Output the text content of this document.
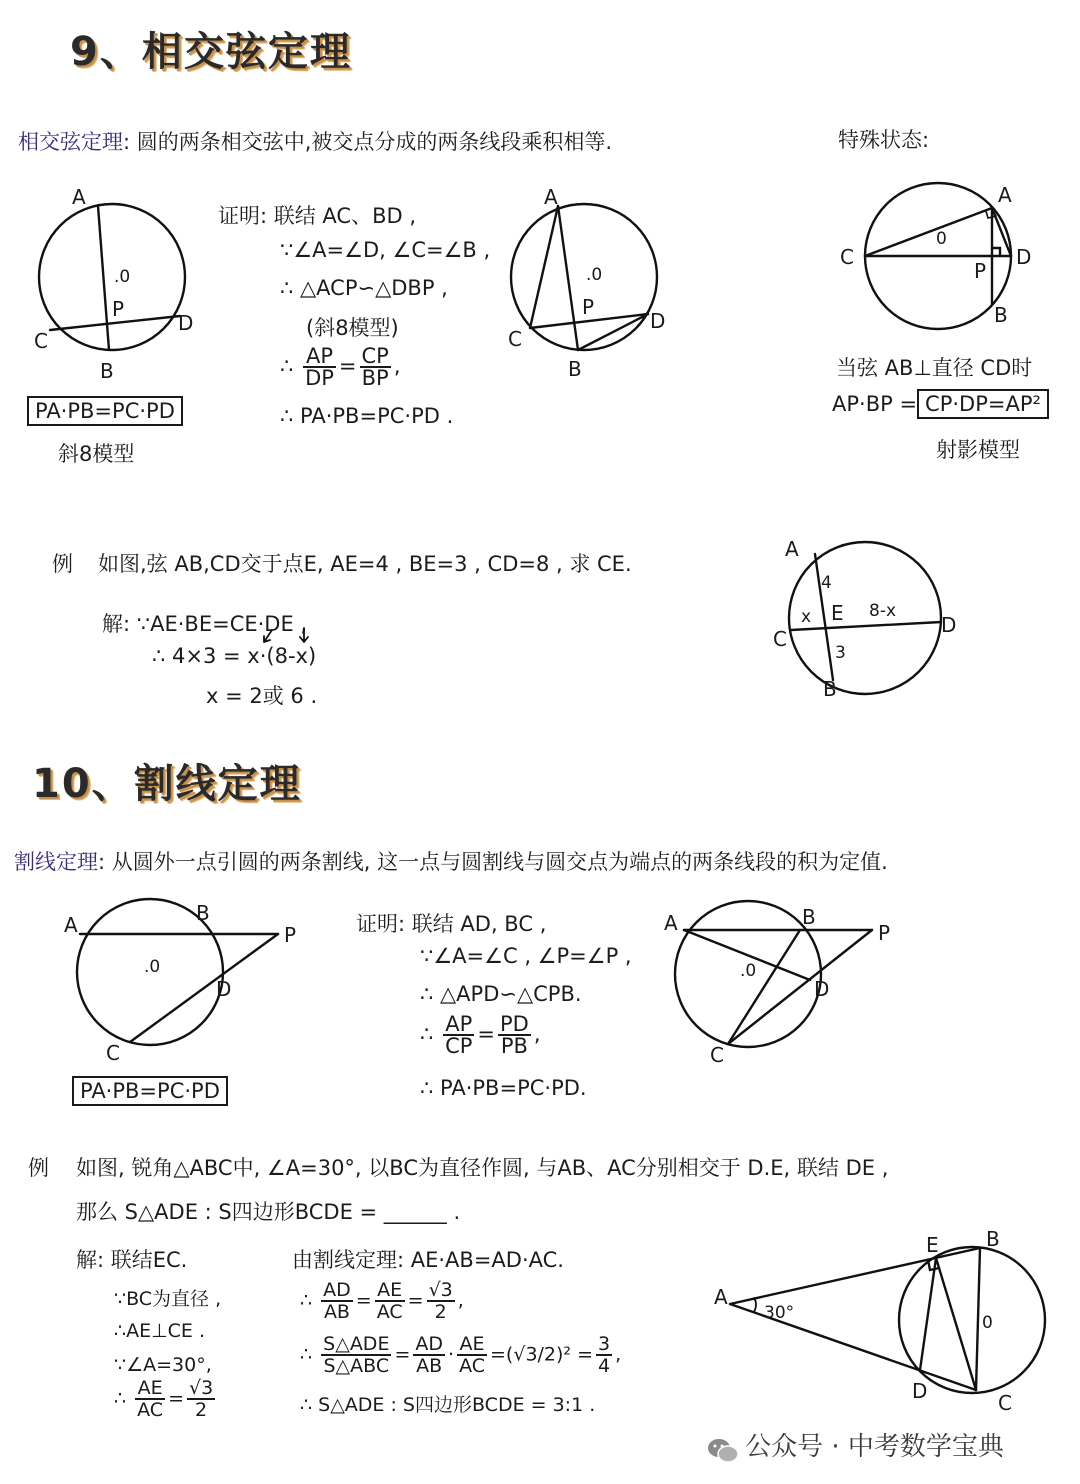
9、相交弦定理
相交弦定理: 圆的两条相交弦中,被交点分成的两条线段乘积相等.	特殊状态:
A
B
C
D
P
.0
PA·PB=PC·PD
斜8模型
证明: 联结 AC、BD ,
∵∠A=∠D, ∠C=∠B ,
∴ △ACP∽△DBP ,
(斜8模型)
∴ $\frac{AP}{DP} = \frac{CP}{BP}$ ,
∴ PA·PB=PC·PD .
A
B
C
D
P
.0
A
B
C	D
P
0
当弦 AB⊥直径 CD时
AP·BP = CP·DP=AP²
射影模型
例 如图,弦 AB,CD交于点E, AE=4 , BE=3 , CD=8 , 求 CE.
解: ∵AE·BE=CE·DE ,
∴ 4×3 = x·(8-x)
x = 2或 6 .
A
B
C
D
E
4
3
x	8-x
10、割线定理
割线定理: 从圆外一点引圆的两条割线, 这一点与圆割线与圆交点为端点的两条线段的积为定值.
A	B
C
D
P
.0
PA·PB=PC·PD
证明: 联结 AD, BC ,
∵∠A=∠C , ∠P=∠P ,
∴ △APD∽△CPB.
∴ $\frac{AP}{CP} = \frac{PD}{PB}$ ,
∴ PA·PB=PC·PD.
A	B
C
D
P
.0
例 如图, 锐角△ABC中, ∠A=30°, 以BC为直径作圆, 与AB、AC分别相交于 D.E, 联结 DE ,
那么 S△ADE : S四边形BCDE = ______ .
解: 联结EC.
∵BC为直径 ,
∴AE⊥CE .
∵∠A=30°,
∴ $\frac{AE}{AC} = \frac{√3}{2}$
由割线定理: AE·AB=AD·AC.
∴ $\frac{AD}{AB} = \frac{AE}{AC} = \frac{√3}{2}$ ,
∴ $\frac{\text{S△ADE}}{\text{S△ABC}} = \frac{AD}{AB} \cdot \frac{AE}{AC} =(√3/2)^2 = \frac{3}{4}$ ,
∴ S△ADE : S四边形BCDE = 3:1 .
A
B
C
D
E
0
30°
公众号 · 中考数学宝典
